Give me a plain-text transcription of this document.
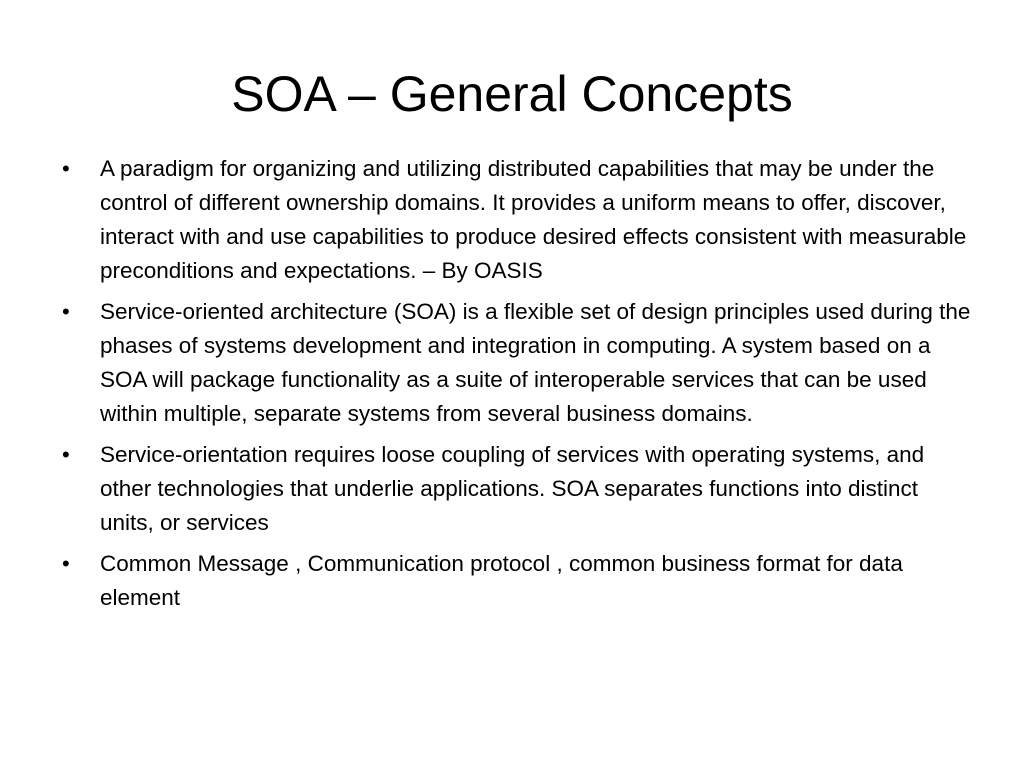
SOA – General Concepts
•	A paradigm for organizing and utilizing distributed capabilities that may be under the control of different ownership domains. It provides a uniform means to offer, discover, interact with and use capabilities to produce desired effects consistent with measurable preconditions and expectations. – By OASIS
•	Service-oriented architecture (SOA) is a flexible set of design principles used during the phases of systems development and integration in computing. A system based on a SOA will package functionality as a suite of interoperable services that can be used within multiple, separate systems from several business domains.
•	Service-orientation requires loose coupling of services with operating systems, and other technologies that underlie applications. SOA separates functions into distinct units, or services
•	Common Message , Communication protocol , common business format for data element
